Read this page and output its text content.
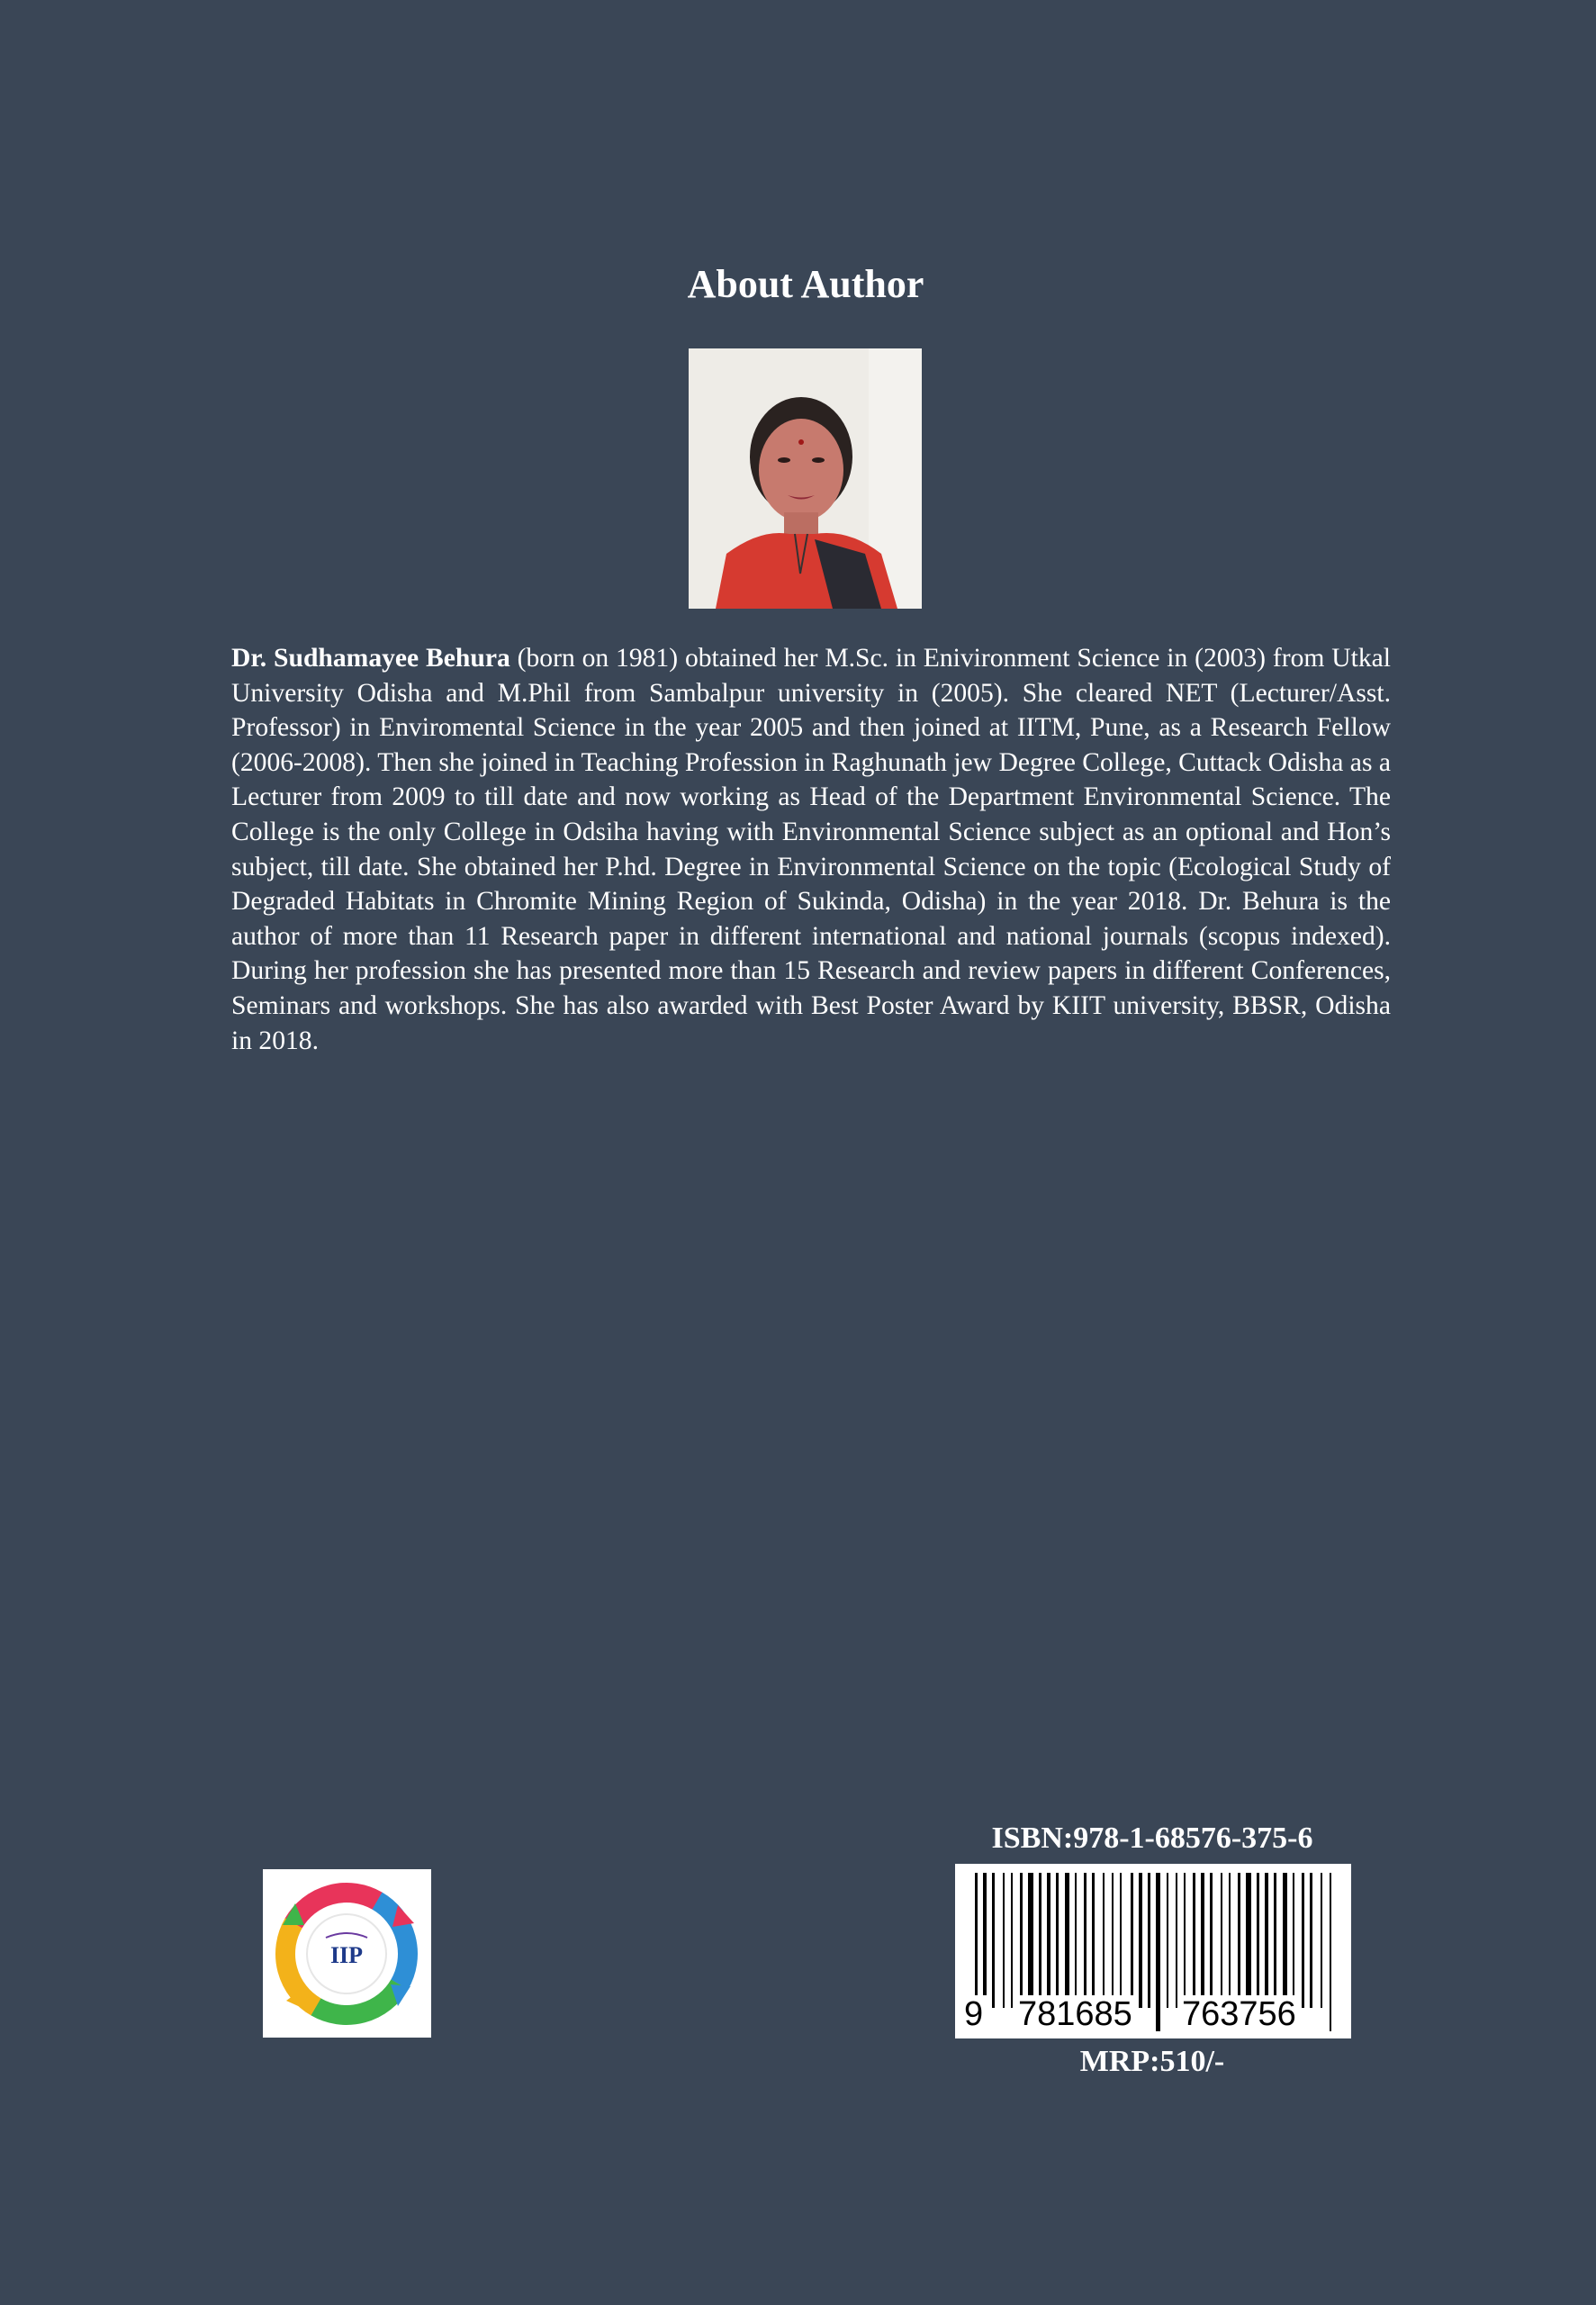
About Author

Dr. Sudhamayee Behura (born on 1981) obtained her M.Sc. in Enivironment Science in (2003) from Utkal University Odisha and M.Phil from Sambalpur university in (2005). She cleared NET (Lecturer/Asst. Professor) in Enviromental Science in the year 2005 and then joined at IITM, Pune, as a Research Fellow (2006-2008). Then she joined in Teaching Profession in Raghunath jew Degree College, Cuttack Odisha as a Lecturer from 2009 to till date and now working as Head of the Department Environmental Science. The College is the only College in Odsiha having with Environmental Science subject as an optional and Hon’s subject, till date. She obtained her P.hd. Degree in Environmental Science on the topic (Ecological Study of Degraded Habitats in Chromite Mining Region of Sukinda, Odisha) in the year 2018. Dr. Behura is the author of more than 11 Research paper in different international and national journals (scopus indexed). During her profession she has presented more than 15 Research and review papers in different Conferences, Seminars and workshops. She has also awarded with Best Poster Award by KIIT university, BBSR, Odisha in 2018.

IIP
ISBN:978-1-68576-375-6
9 781685 763756
MRP:510/-
